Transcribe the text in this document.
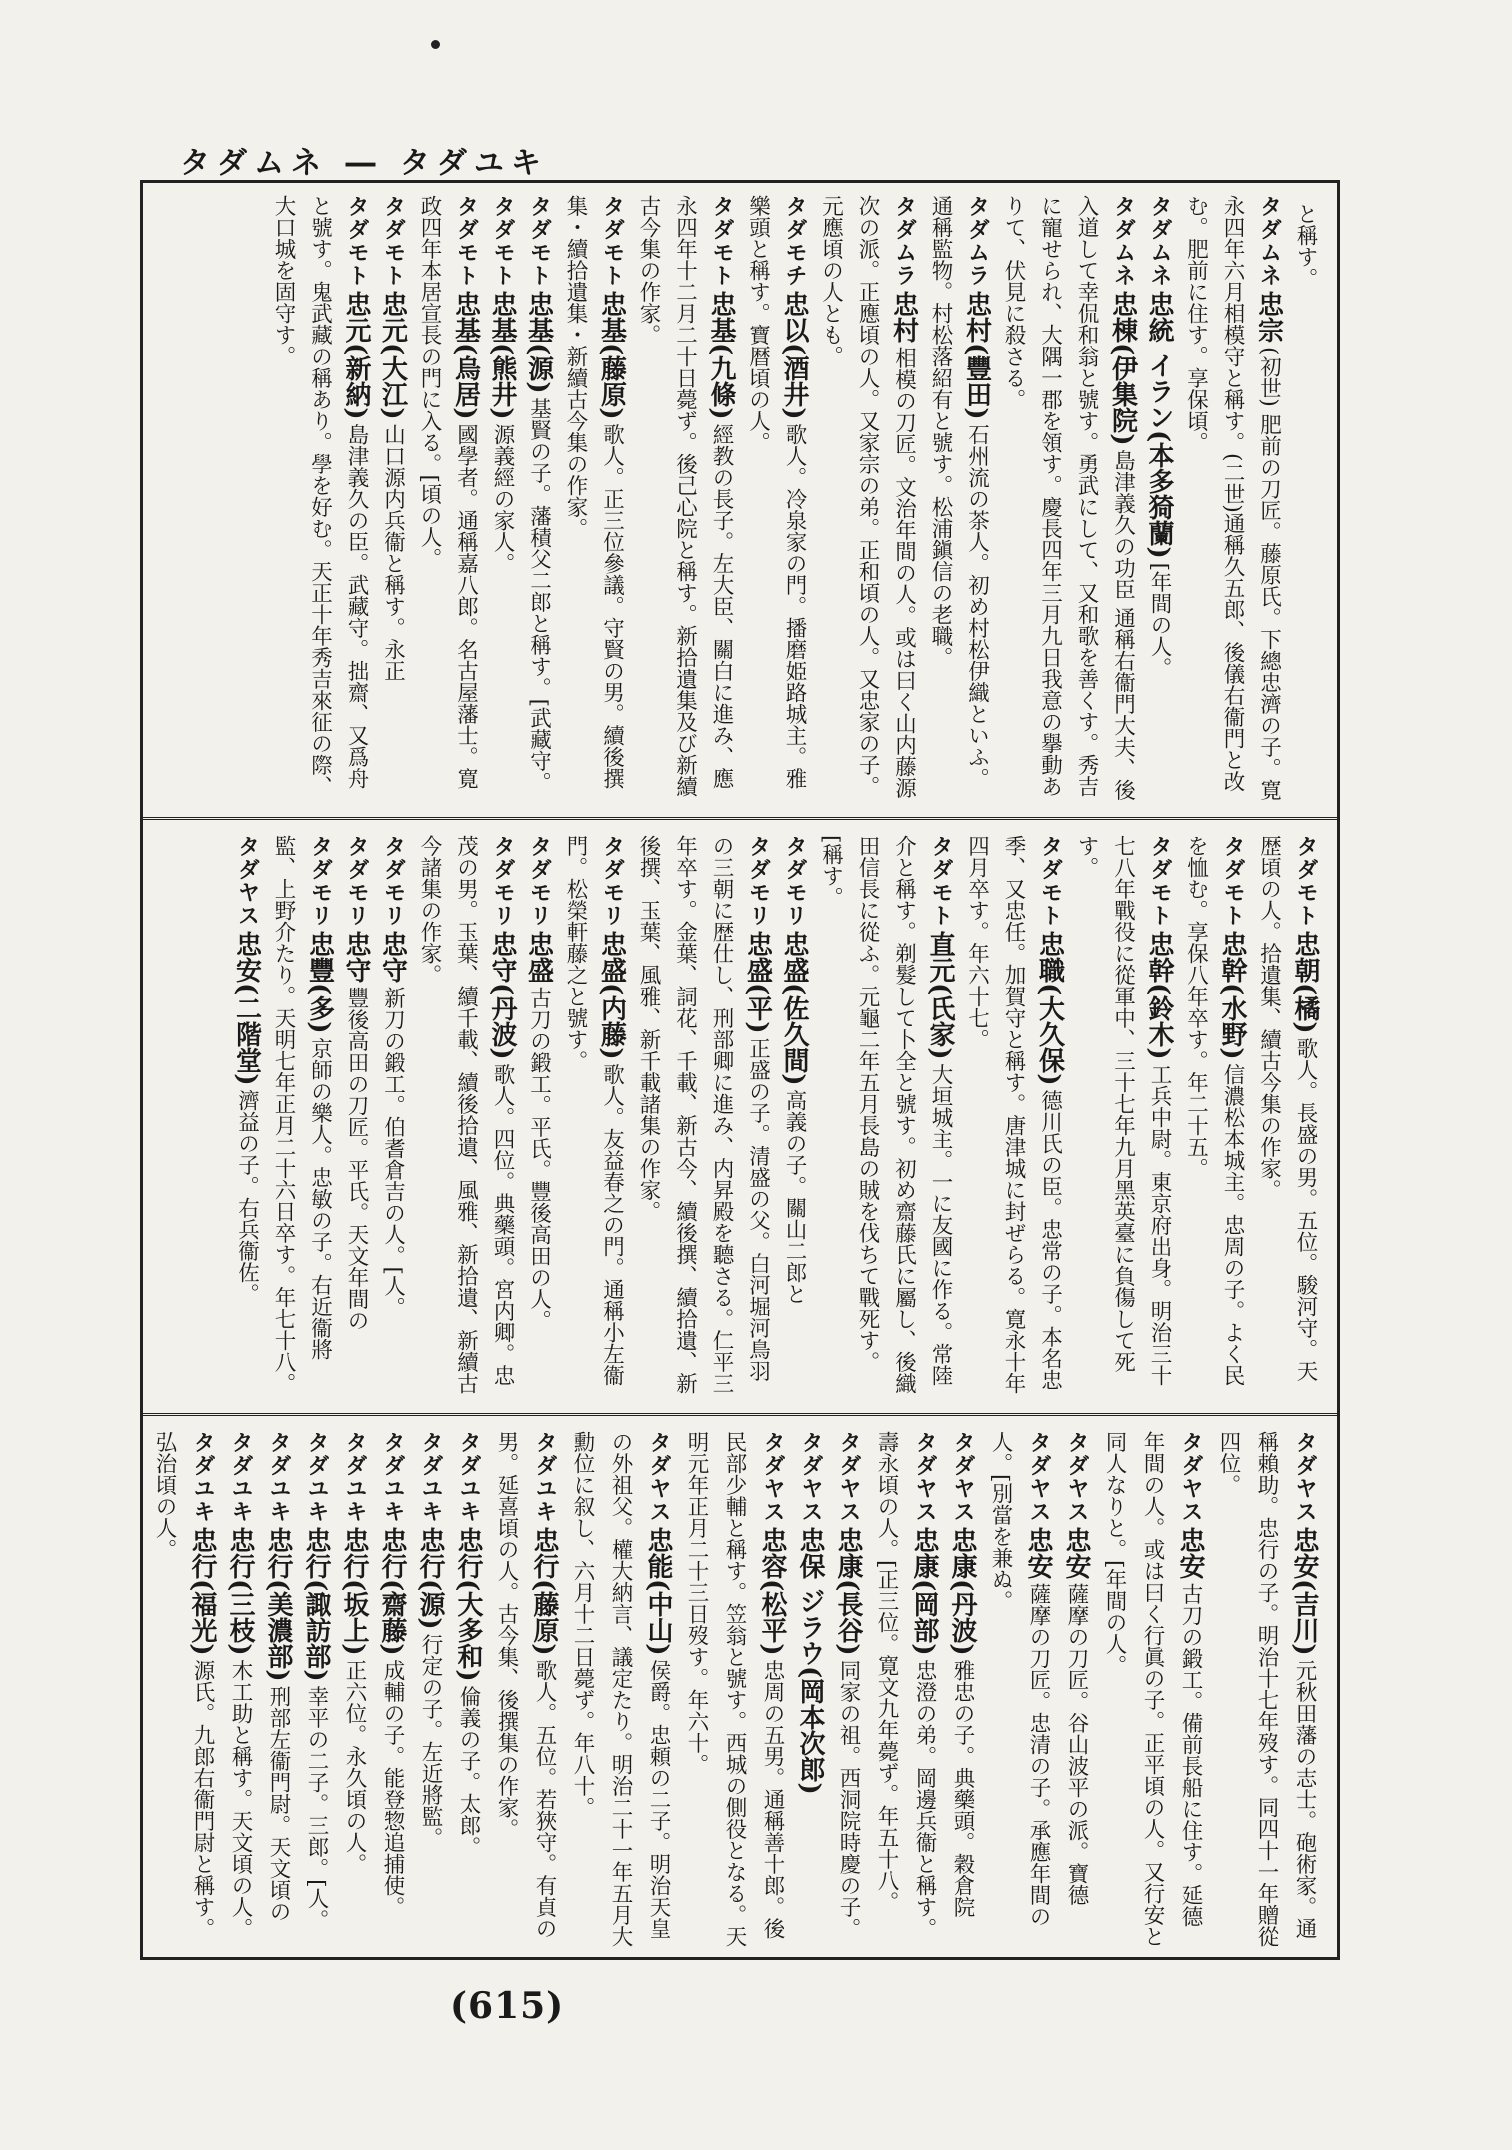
タダムネ ― タダユキ

と稱す。

タダムネ忠宗(初世) 肥前の刀匠。藤原氏。下總忠濟の子。寛永四年六月相模守と稱す。(二世)通稱久五郎、後儀右衞門と改む。肥前に住す。享保頃。

タダムネ忠統 イラン(本多猗蘭)[年間の人。

タダムネ忠棟(伊集院)島津義久の功臣 通稱右衞門大夫、後入道して幸侃和翁と號す。勇武にして、又和歌を善くす。秀吉に寵せられ、大隅一郡を領す。慶長四年三月九日我意の擧動ありて、伏見に殺さる。

タダムラ忠村(豐田)石州流の茶人。初め村松伊織といふ。通稱監物。村松落紹有と號す。松浦鎭信の老職。

タダムラ忠村相模の刀匠。文治年間の人。或は曰く山内藤源次の派。正應頃の人。又家宗の弟。正和頃の人。又忠家の子。元應頃の人とも。

タダモチ忠以(酒井)歌人。冷泉家の門。播磨姫路城主。雅樂頭と稱す。寶暦頃の人。

タダモト忠基(九條)經教の長子。左大臣、關白に進み、應永四年十二月二十日薨ず。後己心院と稱す。新拾遺集及び新續古今集の作家。

タダモト忠基(藤原)歌人。正三位參議。守賢の男。續後撰集・續拾遺集・新續古今集の作家。

タダモト忠基(源)基賢の子。藩積父二郎と稱す。[武藏守。

タダモト忠基(熊井)源義經の家人。

タダモト忠基(烏居)國學者。通稱嘉八郎。名古屋藩士。寛政四年本居宣長の門に入る。[頃の人。

タダモト忠元(大江)山口源内兵衞と稱す。永正

タダモト忠元(新納)島津義久の臣。武藏守。拙齋、又爲舟と號す。鬼武藏の稱あり。學を好む。天正十年秀吉來征の際、大口城を固守す。

タダモト忠朝(橘)歌人。長盛の男。五位。駿河守。天歴頃の人。拾遺集、續古今集の作家。

タダモト忠幹(水野)信濃松本城主。忠周の子。よく民を恤む。享保八年卒す。年二十五。

タダモト忠幹(鈴木)工兵中尉。東京府出身。明治三十七八年戰役に從軍中、三十七年九月黑英臺に負傷して死す。

タダモト忠職(大久保)德川氏の臣。忠常の子。本名忠季、又忠任。加賀守と稱す。唐津城に封ぜらる。寛永十年四月卒す。年六十七。

タダモト直元(氏家)大垣城主。一に友國に作る。常陸介と稱す。剃髮して卜全と號す。初め齋藤氏に屬し、後織田信長に從ふ。元龜二年五月長島の賊を伐ちて戰死す。[稱す。

タダモリ忠盛(佐久間)高義の子。關山二郎と

タダモリ忠盛(平)正盛の子。清盛の父。白河堀河鳥羽の三朝に歴仕し、刑部卿に進み、内昇殿を聽さる。仁平三年卒す。金葉、詞花、千載、新古今、續後撰、續拾遺、新後撰、玉葉、風雅、新千載諸集の作家。

タダモリ忠盛(内藤)歌人。友益春之の門。通稱小左衞門。松榮軒藤之と號す。

タダモリ忠盛古刀の鍛工。平氏。豐後高田の人。

タダモリ忠守(丹波)歌人。四位。典藥頭。宮内卿。忠茂の男。玉葉、續千載、續後拾遺、風雅、新拾遺、新續古今諸集の作家。

タダモリ忠守新刀の鍛工。伯耆倉吉の人。[人。

タダモリ忠守豐後高田の刀匠。平氏。天文年間の

タダモリ忠豐(多)京師の樂人。忠敏の子。右近衞將監、上野介たり。天明七年正月二十六日卒す。年七十八。

タダヤス忠安(二階堂)濟益の子。右兵衞佐。

タダヤス忠安(吉川)元秋田藩の志士。砲術家。通稱賴助。忠行の子。明治十七年歿す。同四十一年贈從四位。

タダヤス忠安古刀の鍛工。備前長船に住す。延德年間の人。或は曰く行眞の子。正平頃の人。又行安と同人なりと。[年間の人。

タダヤス忠安薩摩の刀匠。谷山波平の派。寶德

タダヤス忠安薩摩の刀匠。忠清の子。承應年間の人。[別當を兼ぬ。

タダヤス忠康(丹波)雅忠の子。典藥頭。穀倉院

タダヤス忠康(岡部)忠澄の弟。岡邊兵衞と稱す。壽永頃の人。[正三位。寛文九年薨ず。年五十八。

タダヤス忠康(長谷)同家の祖。西洞院時慶の子。

タダヤス忠保 ジラウ(岡本次郎)

タダヤス忠容(松平)忠周の五男。通稱善十郎。後民部少輔と稱す。笠翁と號す。西城の側役となる。天明元年正月二十三日歿す。年六十。

タダヤス忠能(中山)侯爵。忠頼の二子。明治天皇の外祖父。權大納言、議定たり。明治二十一年五月大勳位に叙し、六月十二日薨ず。年八十。

タダユキ忠行(藤原)歌人。五位。若狹守。有貞の男。延喜頃の人。古今集、後撰集の作家。

タダユキ忠行(大多和)倫義の子。太郎。

タダユキ忠行(源)行定の子。左近將監。

タダユキ忠行(齋藤)成輔の子。能登惣追捕使。

タダユキ忠行(坂上)正六位。永久頃の人。

タダユキ忠行(諏訪部)幸平の二子。三郎。[人。

タダユキ忠行(美濃部)刑部左衞門尉。天文頃の

タダユキ忠行(三枝)木工助と稱す。天文頃の人。

タダユキ忠行(福光)源氏。九郎右衞門尉と稱す。弘治頃の人。

(615)
